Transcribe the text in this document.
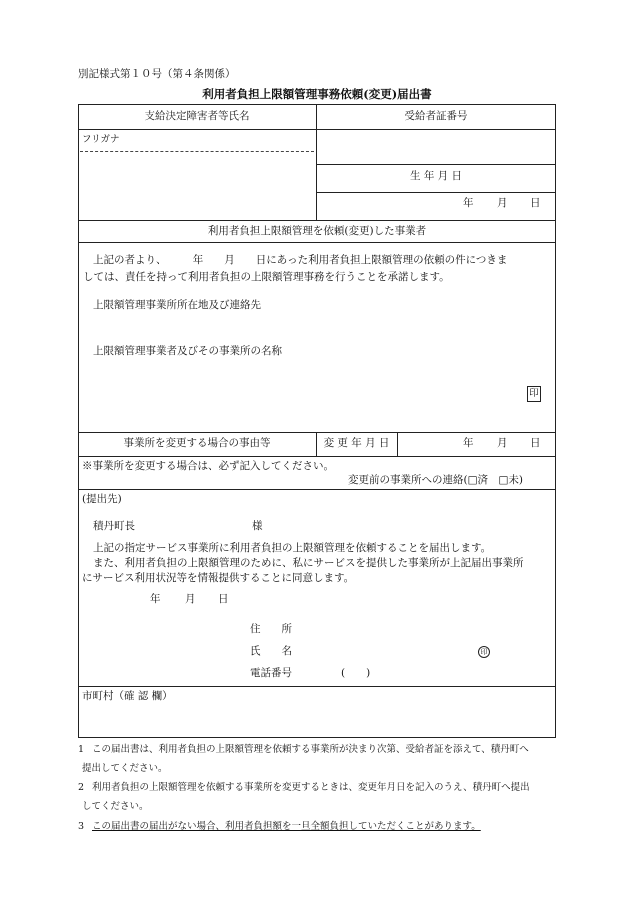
別記様式第１０号（第４条関係）
利用者負担上限額管理事務依頼(変更)届出書
支給決定障害者等氏名	受給者証番号
フリガナ
生 年 月 日
年 月 日
利用者負担上限額管理を依頼(変更)した事業者
上記の者より、　　　年　　月　　日にあった利用者負担上限額管理の依頼の件につきま
しては、責任を持って利用者負担の上限額管理事務を行うことを承諾します。
上限額管理事業所所在地及び連絡先
上限額管理事業者及びその事業所の名称
印
事業所を変更する場合の事由等	変 更 年 月 日	年 月 日
※事業所を変更する場合は、必ず記入してください。
変更前の事業所への連絡(□済　□未)
(提出先)
積丹町長	様
上記の指定サービス事業所に利用者負担の上限額管理を依頼することを届出します。
また、利用者負担の上限額管理のために、私にサービスを提供した事業所が上記届出事業所
にサービス利用状況等を情報提供することに同意します。
年 月 日
住　　所
氏　　名	印
電話番号	(　　)
市町村（確 認 欄）
1 この届出書は、利用者負担の上限額管理を依頼する事業所が決まり次第、受給者証を添えて、積丹町へ
提出してください。
2 利用者負担の上限額管理を依頼する事業所を変更するときは、変更年月日を記入のうえ、積丹町へ提出
してください。
3 この届出書の届出がない場合、利用者負担額を一旦全額負担していただくことがあります。
